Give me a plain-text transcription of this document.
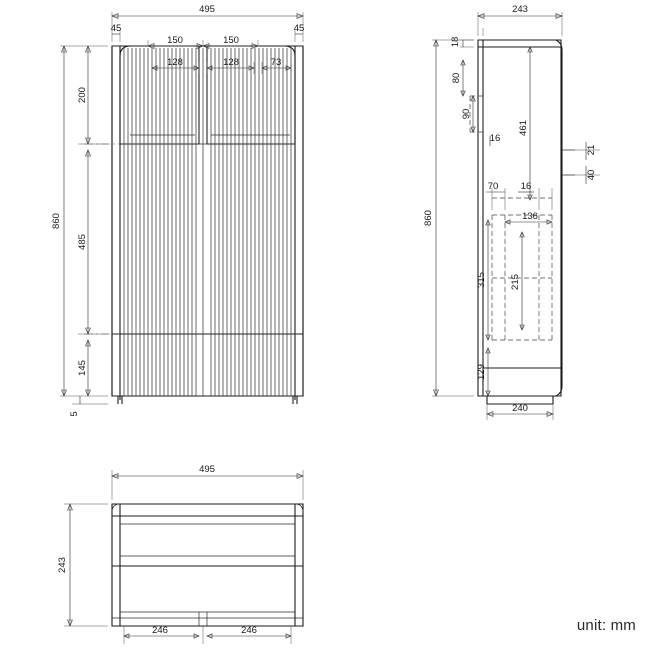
495
45	45
150	150
128	128	73
200
485
145
5
860
243
18
80
90
16
461
21
40
70 16
136
315 215
129
860
240
495
243
246	246	unit: mm
